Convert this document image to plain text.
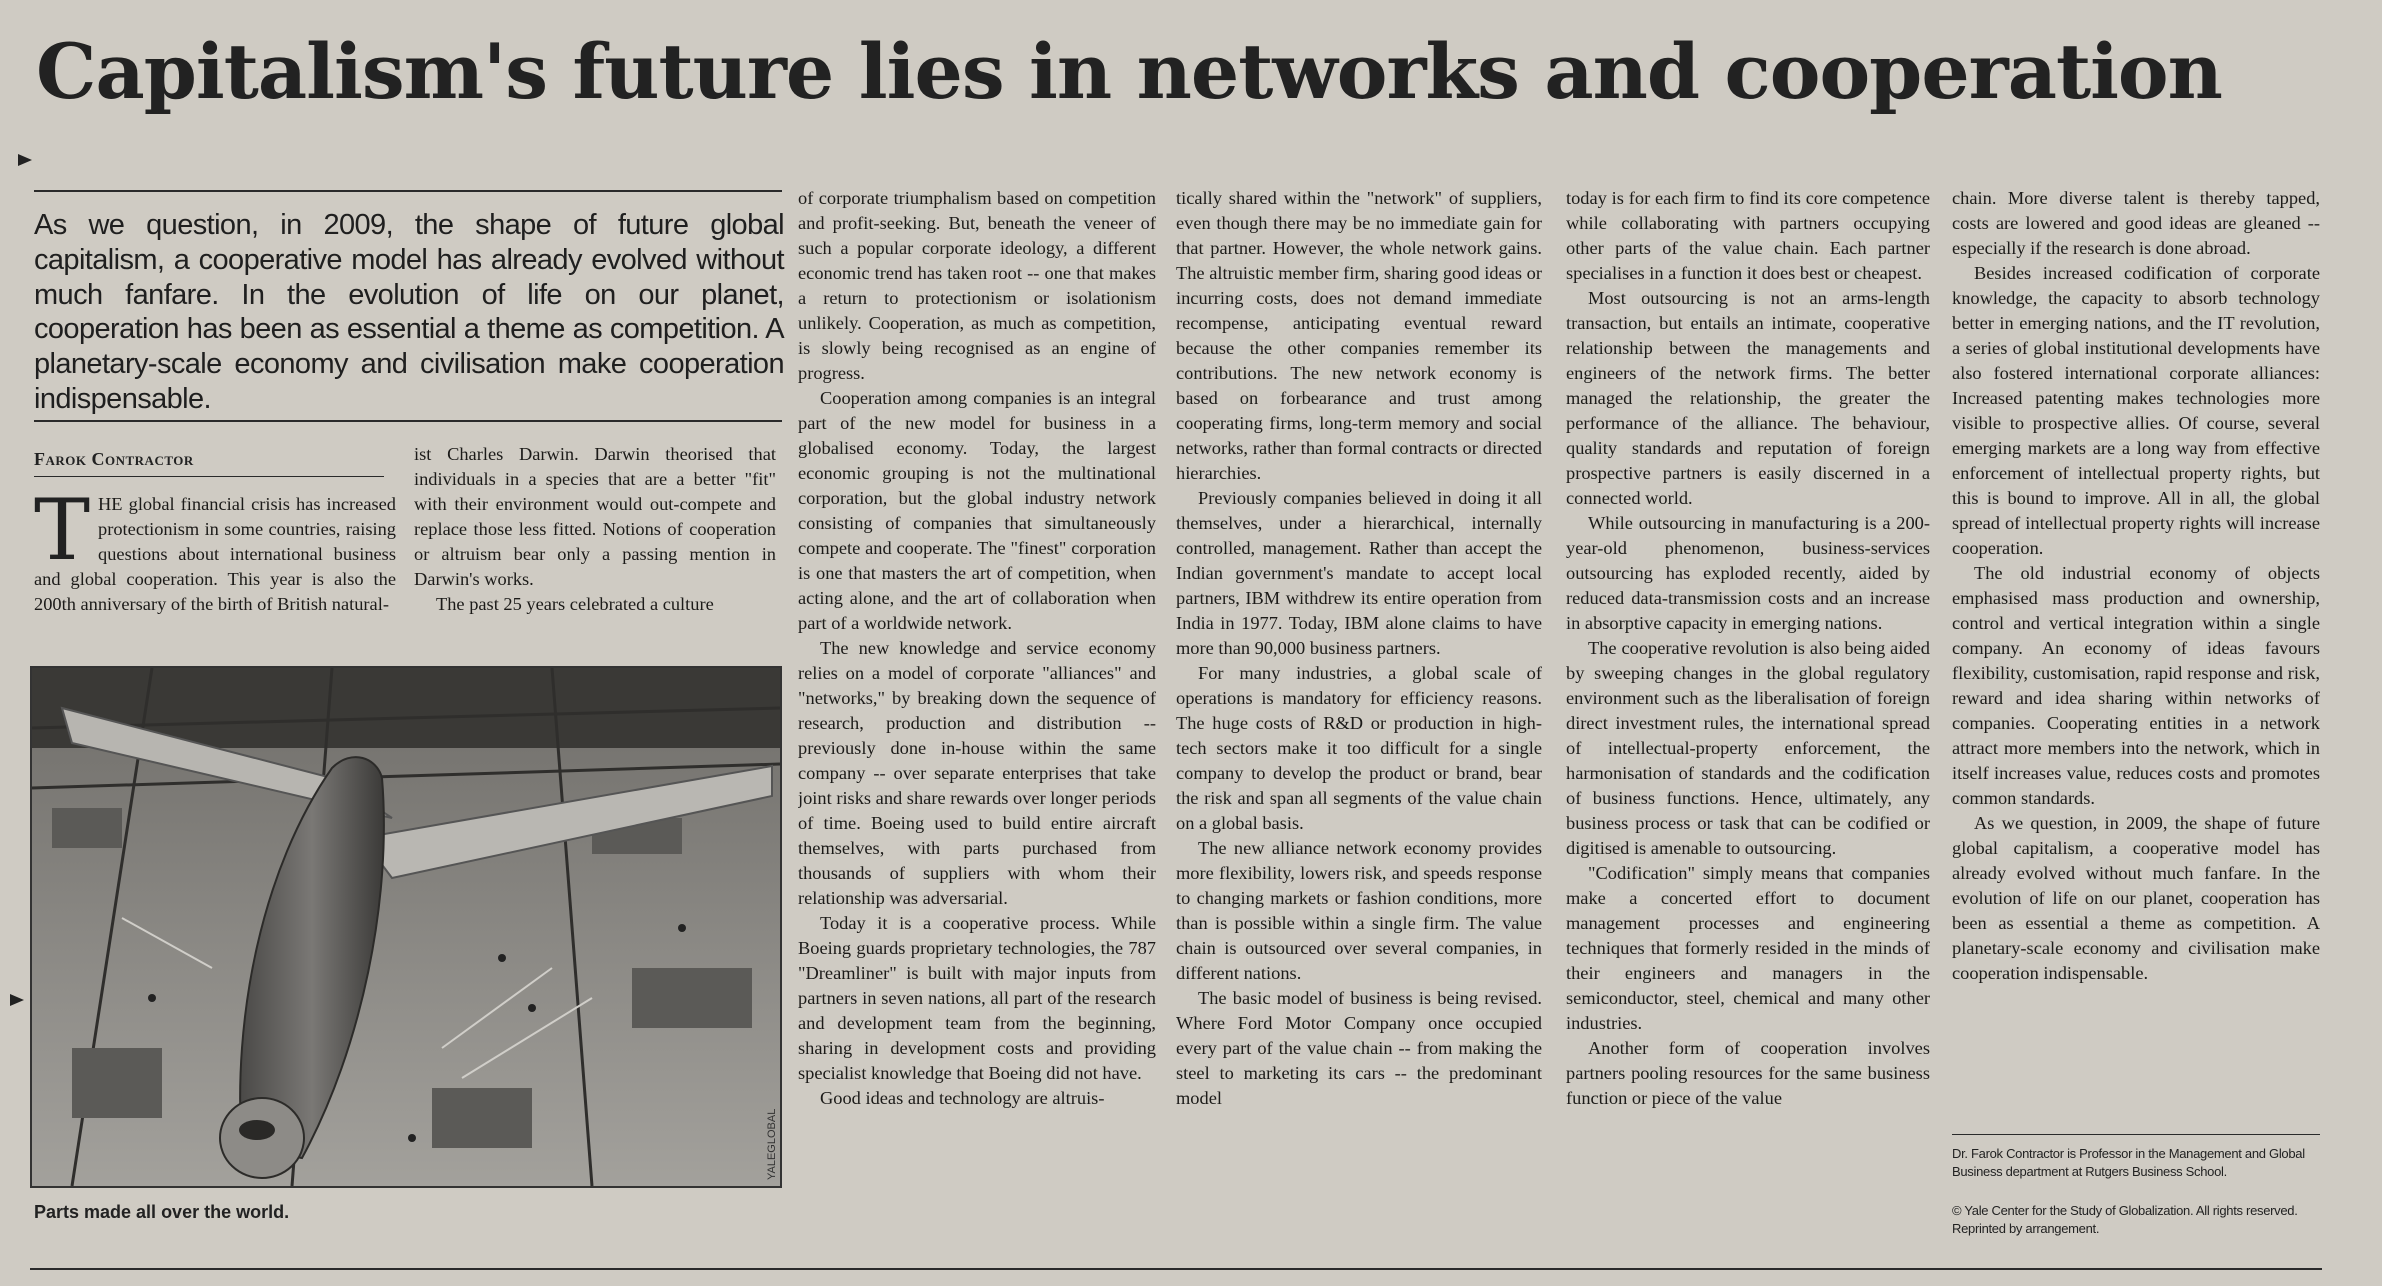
Capitalism's future lies in networks and cooperation

As we question, in 2009, the shape of future global capitalism, a cooperative model has already evolved without much fanfare. In the evolution of life on our planet, cooperation has been as essential a theme as competition. A planetary-scale economy and civilisation make cooperation indispensable.

Farok Contractor

THE global financial crisis has increased protectionism in some countries, raising questions about international business and global cooperation. This year is also the 200th anniversary of the birth of British natural-

ist Charles Darwin. Darwin theorised that individuals in a species that are a better "fit" with their environment would out-compete and replace those less fitted. Notions of cooperation or altruism bear only a passing mention in Darwin's works.

The past 25 years celebrated a culture

YALEGLOBAL
Parts made all over the world.

of corporate triumphalism based on competition and profit-seeking. But, beneath the veneer of such a popular corporate ideology, a different economic trend has taken root -- one that makes a return to protectionism or isolationism unlikely. Cooperation, as much as competition, is slowly being recognised as an engine of progress.

Cooperation among companies is an integral part of the new model for business in a globalised economy. Today, the largest economic grouping is not the multinational corporation, but the global industry network consisting of companies that simultaneously compete and cooperate. The "finest" corporation is one that masters the art of competition, when acting alone, and the art of collaboration when part of a worldwide network.

The new knowledge and service economy relies on a model of corporate "alliances" and "networks," by breaking down the sequence of research, production and distribution -- previously done in-house within the same company -- over separate enterprises that take joint risks and share rewards over longer periods of time. Boeing used to build entire aircraft themselves, with parts purchased from thousands of suppliers with whom their relationship was adversarial.

Today it is a cooperative process. While Boeing guards proprietary technologies, the 787 "Dreamliner" is built with major inputs from partners in seven nations, all part of the research and development team from the beginning, sharing in development costs and providing specialist knowledge that Boeing did not have.

Good ideas and technology are altruis-

tically shared within the "network" of suppliers, even though there may be no immediate gain for that partner. However, the whole network gains. The altruistic member firm, sharing good ideas or incurring costs, does not demand immediate recompense, anticipating eventual reward because the other companies remember its contributions. The new network economy is based on forbearance and trust among cooperating firms, long-term memory and social networks, rather than formal contracts or directed hierarchies.

Previously companies believed in doing it all themselves, under a hierarchical, internally controlled, management. Rather than accept the Indian government's mandate to accept local partners, IBM withdrew its entire operation from India in 1977. Today, IBM alone claims to have more than 90,000 business partners.

For many industries, a global scale of operations is mandatory for efficiency reasons. The huge costs of R&D or production in high-tech sectors make it too difficult for a single company to develop the product or brand, bear the risk and span all segments of the value chain on a global basis.

The new alliance network economy provides more flexibility, lowers risk, and speeds response to changing markets or fashion conditions, more than is possible within a single firm. The value chain is outsourced over several companies, in different nations.

The basic model of business is being revised. Where Ford Motor Company once occupied every part of the value chain -- from making the steel to marketing its cars -- the predominant model

today is for each firm to find its core competence while collaborating with partners occupying other parts of the value chain. Each partner specialises in a function it does best or cheapest.

Most outsourcing is not an arms-length transaction, but entails an intimate, cooperative relationship between the managements and engineers of the network firms. The better managed the relationship, the greater the performance of the alliance. The behaviour, quality standards and reputation of foreign prospective partners is easily discerned in a connected world.

While outsourcing in manufacturing is a 200-year-old phenomenon, business-services outsourcing has exploded recently, aided by reduced data-transmission costs and an increase in absorptive capacity in emerging nations.

The cooperative revolution is also being aided by sweeping changes in the global regulatory environment such as the liberalisation of foreign direct investment rules, the international spread of intellectual-property enforcement, the harmonisation of standards and the codification of business functions. Hence, ultimately, any business process or task that can be codified or digitised is amenable to outsourcing.

"Codification" simply means that companies make a concerted effort to document management processes and engineering techniques that formerly resided in the minds of their engineers and managers in the semiconductor, steel, chemical and many other industries.

Another form of cooperation involves partners pooling resources for the same business function or piece of the value

chain. More diverse talent is thereby tapped, costs are lowered and good ideas are gleaned -- especially if the research is done abroad.

Besides increased codification of corporate knowledge, the capacity to absorb technology better in emerging nations, and the IT revolution, a series of global institutional developments have also fostered international corporate alliances: Increased patenting makes technologies more visible to prospective allies. Of course, several emerging markets are a long way from effective enforcement of intellectual property rights, but this is bound to improve. All in all, the global spread of intellectual property rights will increase cooperation.

The old industrial economy of objects emphasised mass production and ownership, control and vertical integration within a single company. An economy of ideas favours flexibility, customisation, rapid response and risk, reward and idea sharing within networks of companies. Cooperating entities in a network attract more members into the network, which in itself increases value, reduces costs and promotes common standards.

As we question, in 2009, the shape of future global capitalism, a cooperative model has already evolved without much fanfare. In the evolution of life on our planet, cooperation has been as essential a theme as competition. A planetary-scale economy and civilisation make cooperation indispensable.

Dr. Farok Contractor is Professor in the Management and Global Business department at Rutgers Business School.

© Yale Center for the Study of Globalization. All rights reserved. Reprinted by arrangement.
